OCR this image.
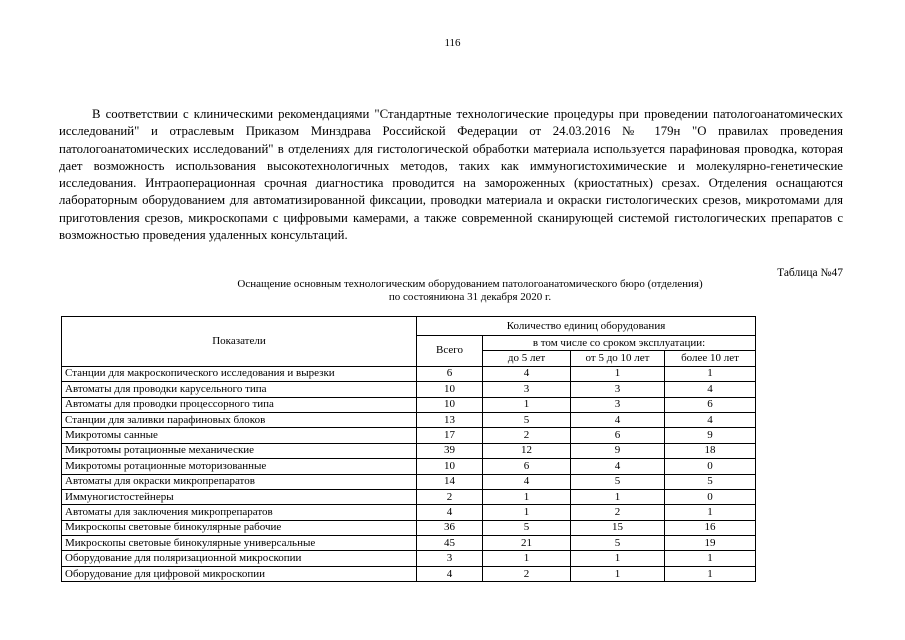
116

В соответствии с клиническими рекомендациями "Стандартные технологические процедуры при проведении патологоанатомических исследований" и отраслевым Приказом Минздрава Российской Федерации от 24.03.2016 № 179н "О правилах проведения патологоанатомических исследований" в отделениях для гистологической обработки материала используется парафиновая проводка, которая дает возможность использования высокотехнологичных методов, таких как иммуногистохимические и молекулярно-генетические исследования. Интраоперационная срочная диагностика проводится на замороженных (криостатных) срезах. Отделения оснащаются лабораторным оборудованием для автоматизированной фиксации, проводки материала и окраски гистологических срезов, микротомами для приготовления срезов, микроскопами с цифровыми камерами, а также современной сканирующей системой гистологических препаратов с возможностью проведения удаленных консультаций.

Таблица №47
Оснащение основным технологическим оборудованием патологоанатомического бюро (отделения)
по состояниюна 31 декабря 2020 г.
Показатели	Количество единиц оборудования			
	Всего	в том числе со сроком эксплуатации:		
		до 5 лет	от 5 до 10 лет	более 10 лет
Станции для макроскопического исследования и вырезки	6	4	1	1
Автоматы для проводки карусельного типа	10	3	3	4
Автоматы для проводки процессорного типа	10	1	3	6
Станции для заливки парафиновых блоков	13	5	4	4
Микротомы санные	17	2	6	9
Микротомы ротационные механические	39	12	9	18
Микротомы ротационные моторизованные	10	6	4	0
Автоматы для окраски микропрепаратов	14	4	5	5
Иммуногистостейнеры	2	1	1	0
Автоматы для заключения микропрепаратов	4	1	2	1
Микроскопы световые бинокулярные рабочие	36	5	15	16
Микроскопы световые бинокулярные универсальные	45	21	5	19
Оборудование для поляризационной микроскопии	3	1	1	1
Оборудование для цифровой микроскопии	4	2	1	1
